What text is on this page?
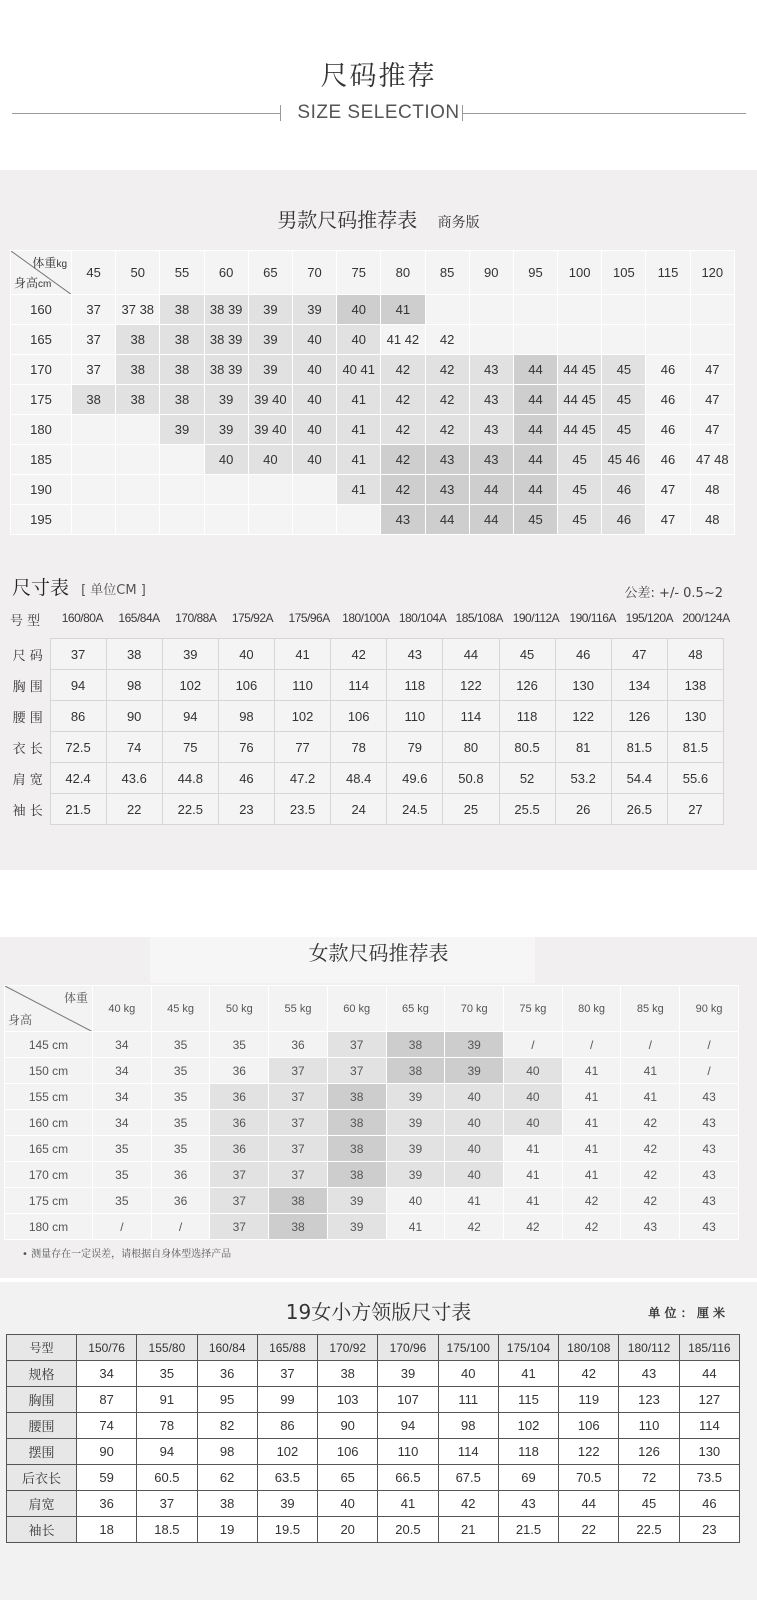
尺码推荐
SIZE SELECTION
男款尺码推荐表 商务版
体重kg
身高cm	45	50	55	60	65	70	75	80	85	90	95	100	105	115	120
160	37	37 38	38	38 39	39	39	40	41							
165	37	38	38	38 39	39	40	40	41 42	42						
170	37	38	38	38 39	39	40	40 41	42	42	43	44	44 45	45	46	47
175	38	38	38	39	39 40	40	41	42	42	43	44	44 45	45	46	47
180			39	39	39 40	40	41	42	42	43	44	44 45	45	46	47
185				40	40	40	41	42	43	43	44	45	45 46	46	47 48
190							41	42	43	44	44	45	46	47	48
195								43	44	44	45	45	46	47	48
尺寸表 [ 单位CM ]	公差: +/- 0.5~2
号 型	160/80A	165/84A	170/88A	175/92A	175/96A	180/100A 180/104A 185/108A 190/112A 190/116A 195/120A 200/124A
尺 码	37	38	39	40	41	42	43	44	45	46	47	48
胸 围	94	98	102	106	110	114	118	122	126	130	134	138
腰 围	86	90	94	98	102	106	110	114	118	122	126	130
衣 长	72.5	74	75	76	77	78	79	80	80.5	81	81.5	81.5
肩 宽	42.4	43.6	44.8	46	47.2	48.4	49.6	50.8	52	53.2	54.4	55.6
袖 长	21.5	22	22.5	23	23.5	24	24.5	25	25.5	26	26.5	27
女款尺码推荐表
体重
身高	40 kg	45 kg	50 kg	55 kg	60 kg	65 kg	70 kg	75 kg	80 kg	85 kg	90 kg
145 cm	34	35	35	36	37	38	39	/	/	/	/
150 cm	34	35	36	37	37	38	39	40	41	41	/
155 cm	34	35	36	37	38	39	40	40	41	41	43
160 cm	34	35	36	37	38	39	40	40	41	42	43
165 cm	35	35	36	37	38	39	40	41	41	42	43
170 cm	35	36	37	37	38	39	40	41	41	42	43
175 cm	35	36	37	38	39	40	41	41	42	42	43
180 cm	/	/	37	38	39	41	42	42	42	43	43
• 测量存在一定误差，请根据自身体型选择产品
19女小方领版尺寸表	单 位 ： 厘 米
号型	150/76	155/80	160/84	165/88	170/92	170/96	175/100	175/104	180/108	180/112	185/116
规格	34	35	36	37	38	39	40	41	42	43	44
胸围	87	91	95	99	103	107	111	115	119	123	127
腰围	74	78	82	86	90	94	98	102	106	110	114
摆围	90	94	98	102	106	110	114	118	122	126	130
后衣长	59	60.5	62	63.5	65	66.5	67.5	69	70.5	72	73.5
肩宽	36	37	38	39	40	41	42	43	44	45	46
袖长	18	18.5	19	19.5	20	20.5	21	21.5	22	22.5	23
